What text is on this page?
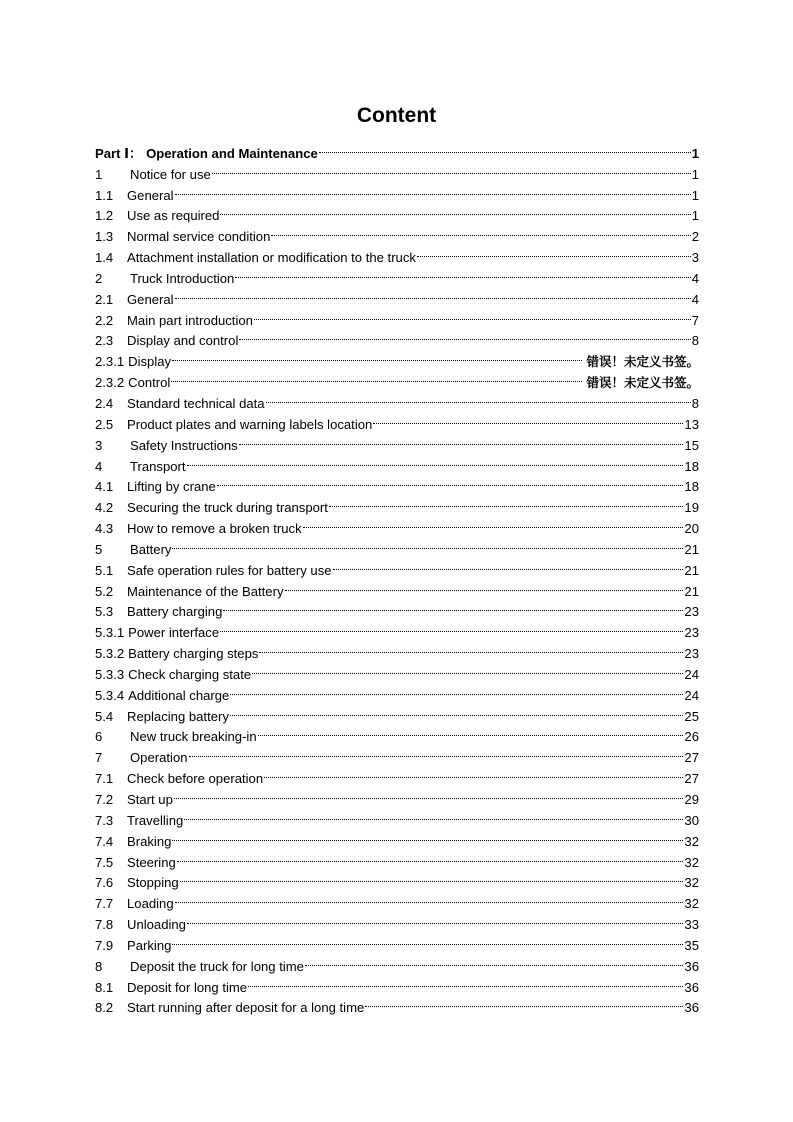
Content
Part Ⅰ： Operation and Maintenance	1
1	Notice for use	1
1.1	General	1
1.2	Use as required	1
1.3	Normal service condition	2
1.4	Attachment installation or modification to the truck	3
2	Truck Introduction	4
2.1	General	4
2.2	Main part introduction	7
2.3	Display and control	8
2.3.1 Display	错误！未定义书签。
2.3.2 Control	错误！未定义书签。
2.4	Standard technical data	8
2.5	Product plates and warning labels location	13
3	Safety Instructions	15
4	Transport	18
4.1	Lifting by crane	18
4.2	Securing the truck during transport	19
4.3	How to remove a broken truck	20
5	Battery	21
5.1	Safe operation rules for battery use	21
5.2	Maintenance of the Battery	21
5.3	Battery charging	23
5.3.1 Power interface	23
5.3.2 Battery charging steps	23
5.3.3 Check charging state	24
5.3.4 Additional charge	24
5.4	Replacing battery	25
6	New truck breaking-in	26
7	Operation	27
7.1	Check before operation	27
7.2	Start up	29
7.3	Travelling	30
7.4	Braking	32
7.5	Steering	32
7.6	Stopping	32
7.7	Loading	32
7.8	Unloading	33
7.9	Parking	35
8	Deposit the truck for long time	36
8.1	Deposit for long time	36
8.2	Start running after deposit for a long time	36
